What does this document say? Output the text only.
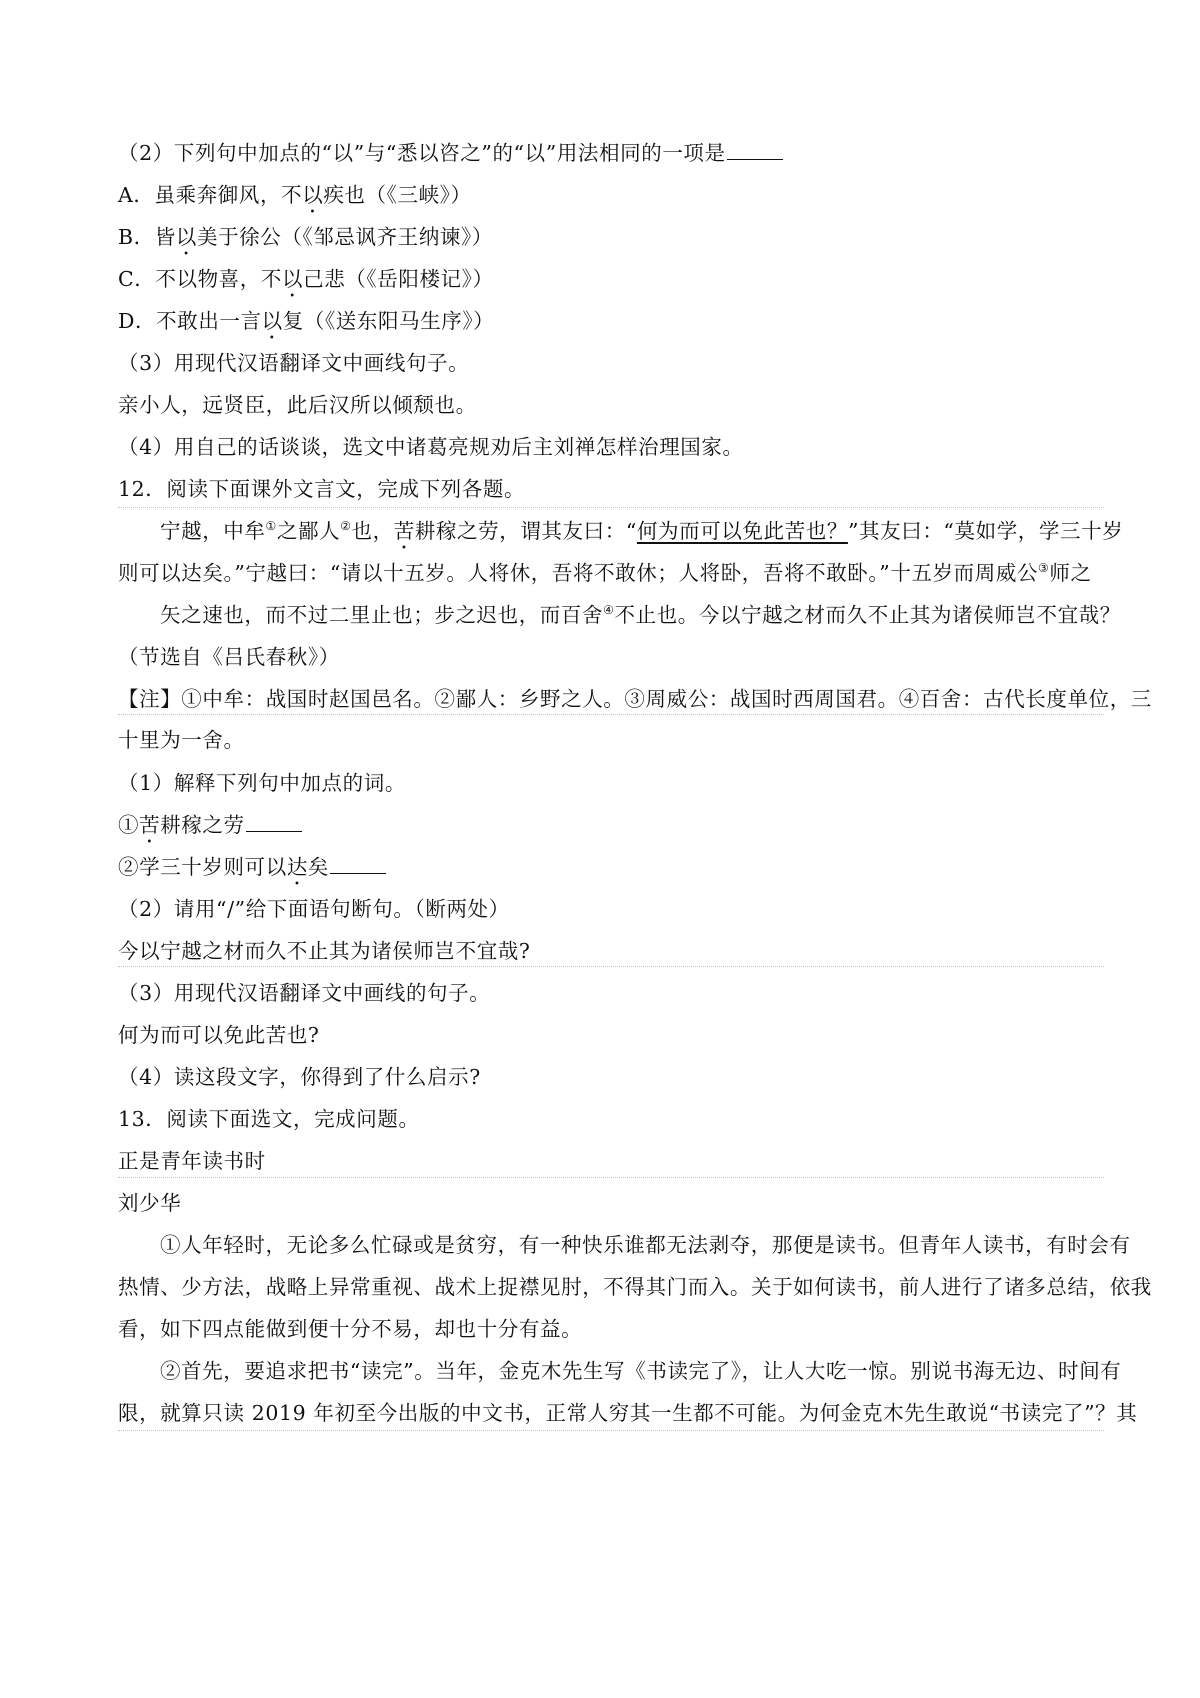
（2）下列句中加点的“以”与“悉以咨之”的“以”用法相同的一项是

A．虽乘奔御风，不以疾也（《三峡》）

B．皆以美于徐公（《邹忌讽齐王纳谏》）

C．不以物喜，不以己悲（《岳阳楼记》）

D．不敢出一言以复（《送东阳马生序》）

（3）用现代汉语翻译文中画线句子。

亲小人，远贤臣，此后汉所以倾颓也。

（4）用自己的话谈谈，选文中诸葛亮规劝后主刘禅怎样治理国家。

12．阅读下面课外文言文，完成下列各题。

宁越，中牟①之鄙人②也，苦耕稼之劳，谓其友曰：“何为而可以免此苦也？”其友曰：“莫如学，学三十岁

则可以达矣。”宁越曰：“请以十五岁。人将休，吾将不敢休；人将卧，吾将不敢卧。”十五岁而周威公③师之

矢之速也，而不过二里止也；步之迟也，而百舍④不止也。今以宁越之材而久不止其为诸侯师岂不宜哉？

（节选自《吕氏春秋》）

【注】①中牟：战国时赵国邑名。②鄙人：乡野之人。③周威公：战国时西周国君。④百舍：古代长度单位，三

十里为一舍。

（1）解释下列句中加点的词。

①苦耕稼之劳

②学三十岁则可以达矣

（2）请用“/”给下面语句断句。（断两处）

今以宁越之材而久不止其为诸侯师岂不宜哉?

（3）用现代汉语翻译文中画线的句子。

何为而可以免此苦也?

（4）读这段文字，你得到了什么启示?

13．阅读下面选文，完成问题。

正是青年读书时

刘少华

①人年轻时，无论多么忙碌或是贫穷，有一种快乐谁都无法剥夺，那便是读书。但青年人读书，有时会有

热情、少方法，战略上异常重视、战术上捉襟见肘，不得其门而入。关于如何读书，前人进行了诸多总结，依我

看，如下四点能做到便十分不易，却也十分有益。

②首先，要追求把书“读完”。当年，金克木先生写《书读完了》，让人大吃一惊。别说书海无边、时间有

限，就算只读 2019 年初至今出版的中文书，正常人穷其一生都不可能。为何金克木先生敢说“书读完了”？其
